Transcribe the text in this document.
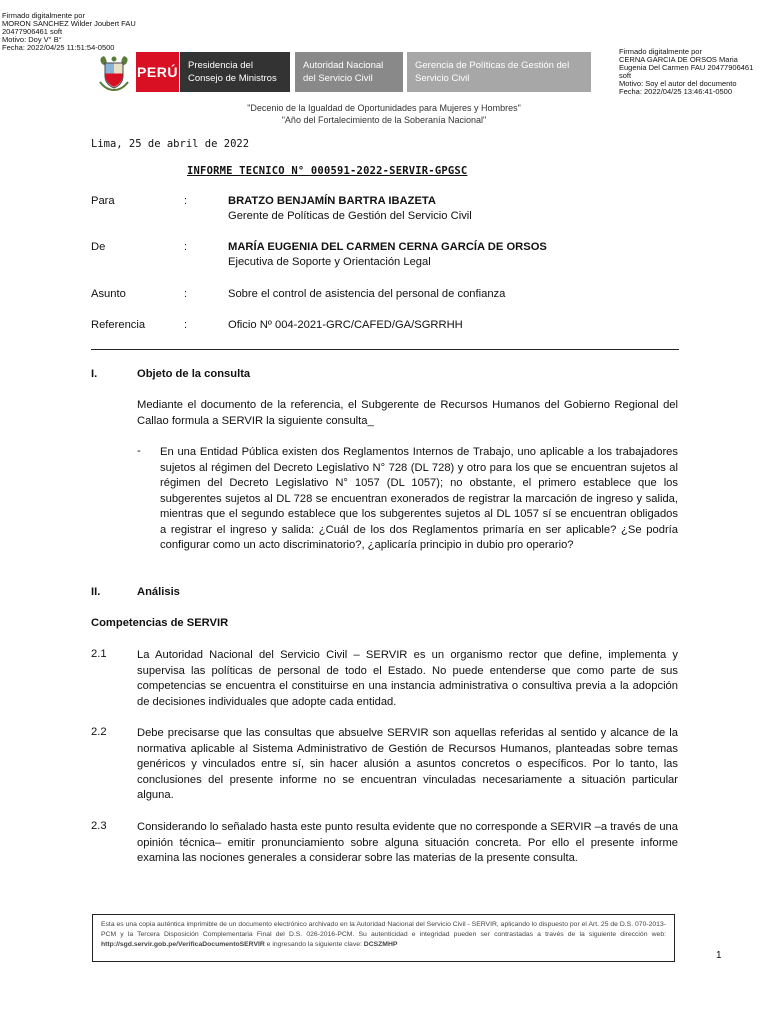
Firmado digitalmente por
MORON SANCHEZ Wilder Joubert FAU
20477906461 soft
Motivo: Doy V° B°
Fecha: 2022/04/25 11:51:54-0500	Firmado digitalmente por
CERNA GARCIA DE ORSOS Maria
Eugenia Del Carmen FAU 20477906461
soft
Motivo: Soy el autor del documento
Fecha: 2022/04/25 13:46:41-0500
PERÚ Presidencia del
Consejo de Ministros
Autoridad Nacional
del Servicio Civil
Gerencia de Políticas de Gestión del
Servicio Civil
"Decenio de la Igualdad de Oportunidades para Mujeres y Hombres"
"Año del Fortalecimiento de la Soberanía Nacional"
Lima, 25 de abril de 2022
INFORME TECNICO N° 000591-2022-SERVIR-GPGSC
Para	:	BRATZO BENJAMÍN BARTRA IBAZETA
Gerente de Políticas de Gestión del Servicio Civil
De	:	MARÍA EUGENIA DEL CARMEN CERNA GARCÍA DE ORSOS
Ejecutiva de Soporte y Orientación Legal
Asunto	:	Sobre el control de asistencia del personal de confianza
Referencia	:	Oficio Nº 004-2021-GRC/CAFED/GA/SGRRHH
I.	Objeto de la consulta
Mediante el documento de la referencia, el Subgerente de Recursos Humanos del Gobierno Regional del Callao formula a SERVIR la siguiente consulta_
- En una Entidad Pública existen dos Reglamentos Internos de Trabajo, uno aplicable a los trabajadores sujetos al régimen del Decreto Legislativo N° 728 (DL 728) y otro para los que se encuentran sujetos al régimen del Decreto Legislativo N° 1057 (DL 1057); no obstante, el primero establece que los subgerentes sujetos al DL 728 se encuentran exonerados de registrar la marcación de ingreso y salida, mientras que el segundo establece que los subgerentes sujetos al DL 1057 sí se encuentran obligados a registrar el ingreso y salida: ¿Cuál de los dos Reglamentos primaría en ser aplicable? ¿Se podría configurar como un acto discriminatorio?, ¿aplicaría principio in dubio pro operario?
II.	Análisis
Competencias de SERVIR
2.1	La Autoridad Nacional del Servicio Civil – SERVIR es un organismo rector que define, implementa y supervisa las políticas de personal de todo el Estado. No puede entenderse que como parte de sus competencias se encuentra el constituirse en una instancia administrativa o consultiva previa a la adopción de decisiones individuales que adopte cada entidad.
2.2	Debe precisarse que las consultas que absuelve SERVIR son aquellas referidas al sentido y alcance de la normativa aplicable al Sistema Administrativo de Gestión de Recursos Humanos, planteadas sobre temas genéricos y vinculados entre sí, sin hacer alusión a asuntos concretos o específicos. Por lo tanto, las conclusiones del presente informe no se encuentran vinculadas necesariamente a situación particular alguna.
2.3	Considerando lo señalado hasta este punto resulta evidente que no corresponde a SERVIR –a través de una opinión técnica– emitir pronunciamiento sobre alguna situación concreta. Por ello el presente informe examina las nociones generales a considerar sobre las materias de la presente consulta.
Esta es una copia auténtica imprimible de un documento electrónico archivado en la Autoridad Nacional del Servicio Civil - SERVIR, aplicando lo dispuesto por el Art. 25 de D.S. 070-2013-PCM y la Tercera Disposición Complementaria Final del D.S. 026-2016-PCM. Su autenticidad e integridad pueden ser contrastadas a través de la siguiente dirección web: http://sgd.servir.gob.pe/VerificaDocumentoSERVIR e ingresando la siguiente clave: DCSZMHP
1
